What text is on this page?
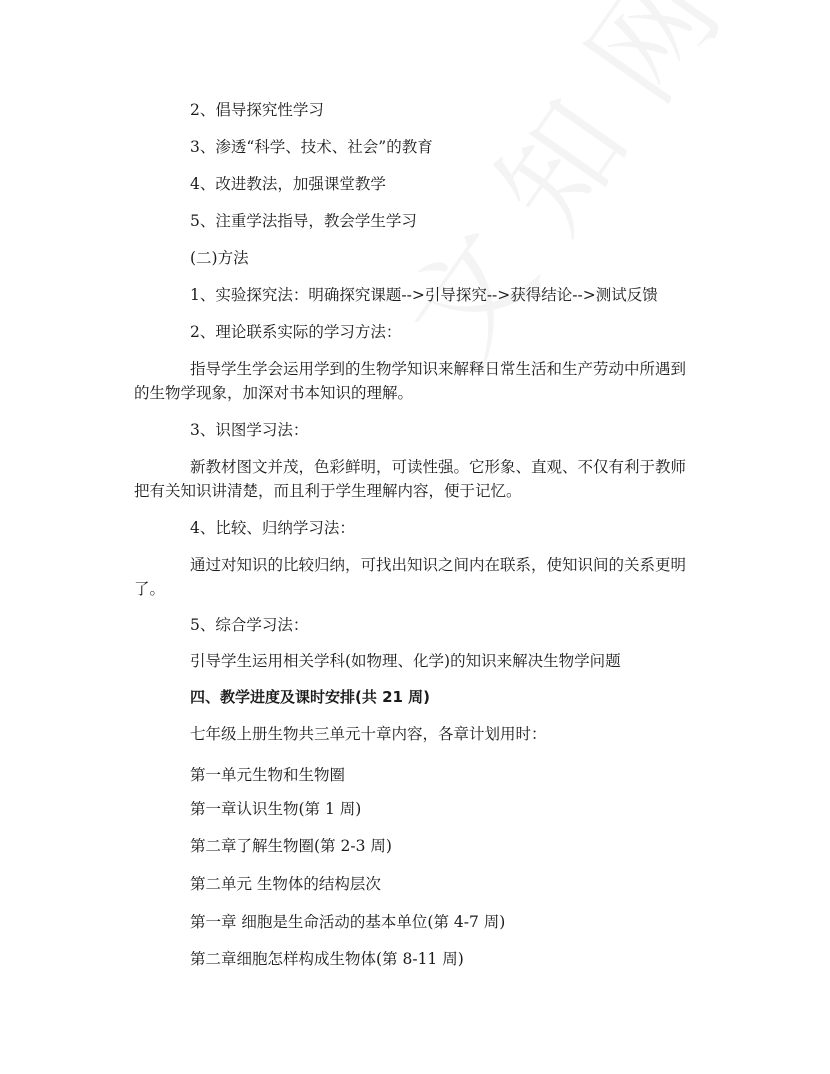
2、倡导探究性学习
3、渗透“科学、技术、社会”的教育
4、改进教法，加强课堂教学
5、注重学法指导，教会学生学习
(二)方法
1、实验探究法：明确探究课题-->引导探究-->获得结论-->测试反馈
2、理论联系实际的学习方法：
指导学生学会运用学到的生物学知识来解释日常生活和生产劳动中所遇到
的生物学现象，加深对书本知识的理解。
3、识图学习法：
新教材图文并茂，色彩鲜明，可读性强。它形象、直观、不仅有利于教师
把有关知识讲清楚，而且利于学生理解内容，便于记忆。
4、比较、归纳学习法：
通过对知识的比较归纳，可找出知识之间内在联系，使知识间的关系更明
了。
5、综合学习法：
引导学生运用相关学科(如物理、化学)的知识来解决生物学问题
四、教学进度及课时安排(共 21 周)
七年级上册生物共三单元十章内容，各章计划用时：
第一单元生物和生物圈
第一章认识生物(第 1 周)
第二章了解生物圈(第 2-3 周)
第二单元 生物体的结构层次
第一章 细胞是生命活动的基本单位(第 4-7 周)
第二章细胞怎样构成生物体(第 8-11 周)
